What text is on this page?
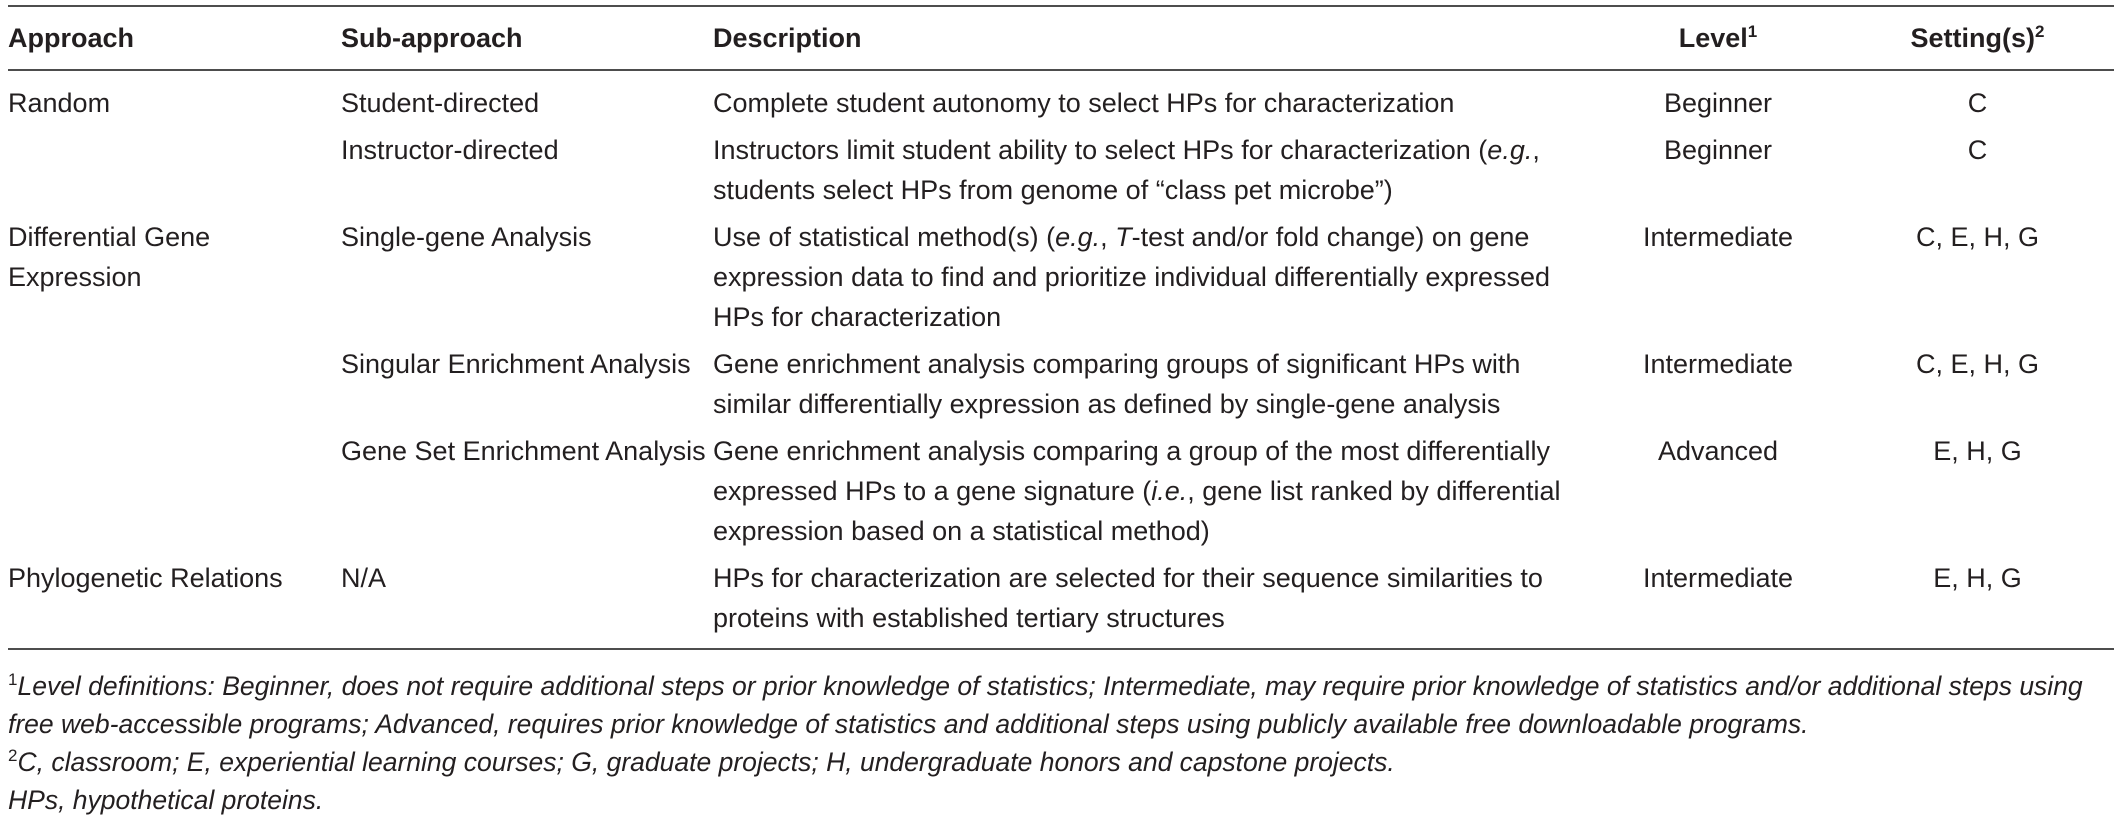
Approach	Sub-approach	Description	Level$^1$	$Setting(s)^2$
Random	Student-directed	Complete student autonomy to select HPs for characterization	Beginner	C
	Instructor-directed	Instructors limit student ability to select HPs for characterization (e.g., students select HPs from genome of “class pet microbe”)	Beginner	C
Differential Gene Expression	Single-gene Analysis	Use of statistical method(s) (e.g., T-test and/or fold change) on gene expression data to find and prioritize individual differentially expressed HPs for characterization	Intermediate	C, E, H, G
	Singular Enrichment Analysis	Gene enrichment analysis comparing groups of significant HPs with similar differentially expression as defined by single-gene analysis	Intermediate	C, E, H, G
	Gene Set Enrichment Analysis	Gene enrichment analysis comparing a group of the most differentially expressed HPs to a gene signature (i.e., gene list ranked by differential expression based on a statistical method)	Advanced	E, H, G
Phylogenetic Relations	N/A	HPs for characterization are selected for their sequence similarities to proteins with established tertiary structures	Intermediate	E, H, G

$^1$Level definitions: Beginner, does not require additional steps or prior knowledge of statistics; Intermediate, may require prior knowledge of statistics and/or additional steps using free web-accessible programs; Advanced, requires prior knowledge of statistics and additional steps using publicly available free downloadable programs.

$^2$C, classroom; E, experiential learning courses; G, graduate projects; H, undergraduate honors and capstone projects.

HPs, hypothetical proteins.
